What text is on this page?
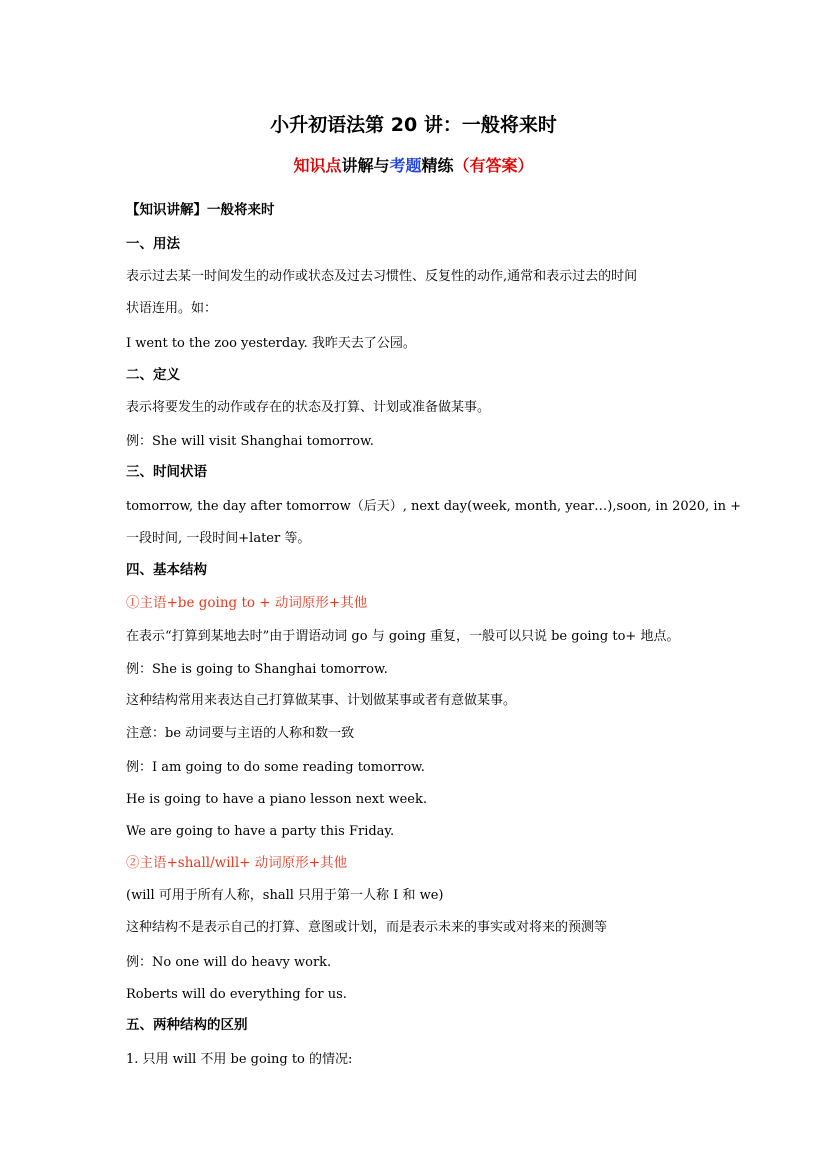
小升初语法第 20 讲：一般将来时
知识点讲解与考题精练（有答案）
【知识讲解】一般将来时
一、用法
表示过去某一时间发生的动作或状态及过去习惯性、反复性的动作,通常和表示过去的时间
状语连用。如：
I went to the zoo yesterday. 我昨天去了公园。
二、定义
表示将要发生的动作或存在的状态及打算、计划或准备做某事。
例：She will visit Shanghai tomorrow.
三、时间状语
tomorrow, the day after tomorrow（后天）, next day(week, month, year…),soon, in 2020, in +
一段时间, 一段时间+later 等。
四、基本结构
①主语+be going to + 动词原形+其他
在表示“打算到某地去时”由于谓语动词 go 与 going 重复，一般可以只说 be going to+ 地点。
例：She is going to Shanghai tomorrow.
这种结构常用来表达自己打算做某事、计划做某事或者有意做某事。
注意：be 动词要与主语的人称和数一致
例：I am going to do some reading tomorrow.
He is going to have a piano lesson next week.
We are going to have a party this Friday.
②主语+shall/will+ 动词原形+其他
(will 可用于所有人称，shall 只用于第一人称 I 和 we)
这种结构不是表示自己的打算、意图或计划，而是表示未来的事实或对将来的预测等
例：No one will do heavy work.
Roberts will do everything for us.
五、两种结构的区别
1. 只用 will 不用 be going to 的情况:
